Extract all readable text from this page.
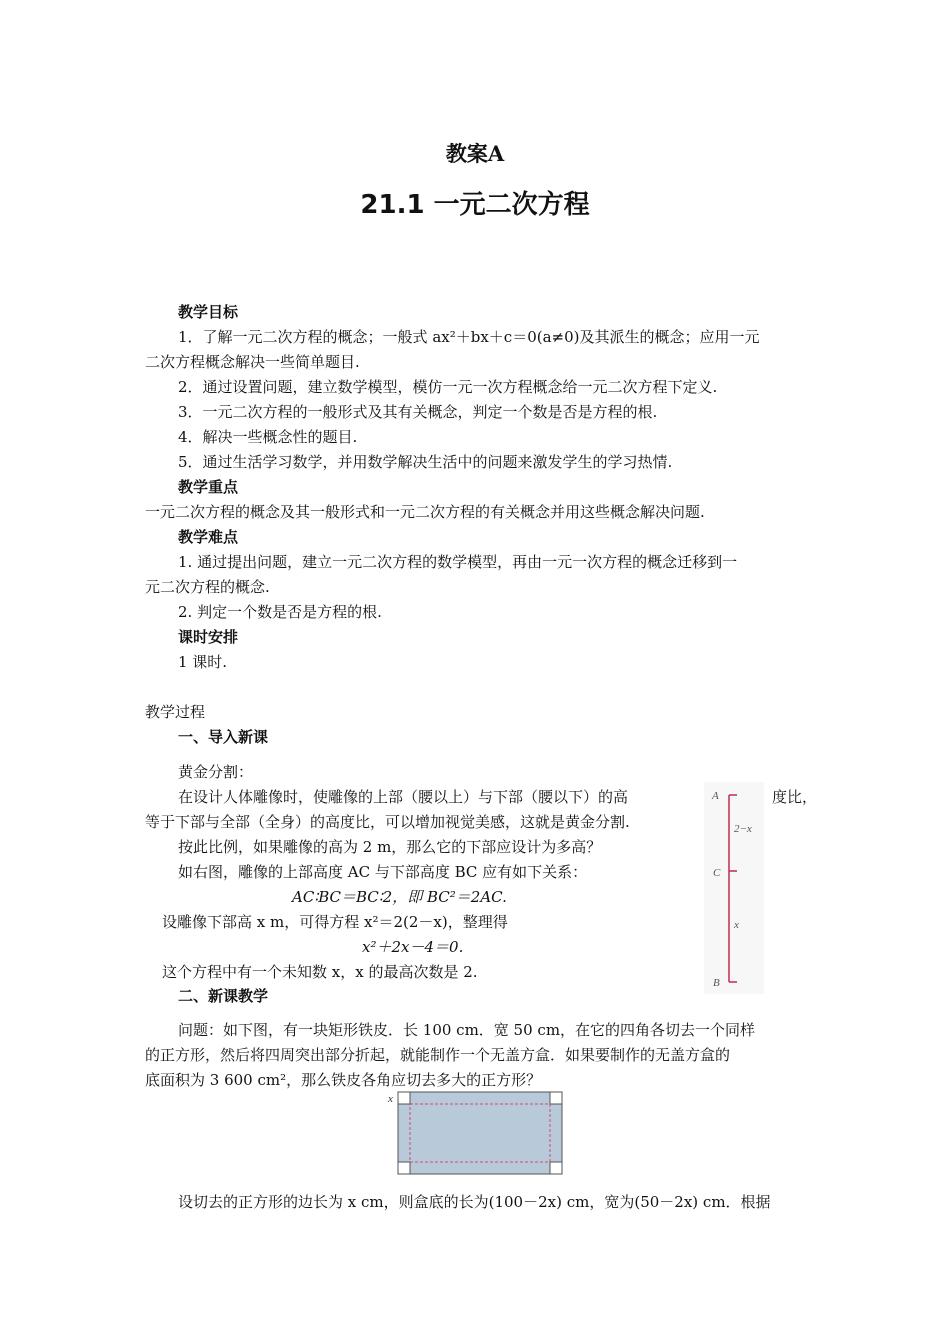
教案A
21.1 一元二次方程
教学目标
1．了解一元二次方程的概念；一般式 ax²＋bx＋c＝0(a≠0)及其派生的概念；应用一元
二次方程概念解决一些简单题目.
2．通过设置问题，建立数学模型，模仿一元一次方程概念给一元二次方程下定义.
3．一元二次方程的一般形式及其有关概念，判定一个数是否是方程的根.
4．解决一些概念性的题目.
5．通过生活学习数学，并用数学解决生活中的问题来激发学生的学习热情.
教学重点
一元二次方程的概念及其一般形式和一元二次方程的有关概念并用这些概念解决问题.
教学难点
1. 通过提出问题，建立一元二次方程的数学模型，再由一元一次方程的概念迁移到一
元二次方程的概念.
2. 判定一个数是否是方程的根.
课时安排
1 课时.
教学过程
一、导入新课
黄金分割：
在设计人体雕像时，使雕像的上部（腰以上）与下部（腰以下）的高	度比，
等于下部与全部（全身）的高度比，可以增加视觉美感，这就是黄金分割.
按此比例，如果雕像的高为 2 m，那么它的下部应设计为多高？
如右图，雕像的上部高度 AC 与下部高度 BC 应有如下关系：
AC∶BC＝BC∶2，即 BC²＝2AC.
设雕像下部高 x m，可得方程 x²＝2(2－x)，整理得
x²＋2x－4＝0.
这个方程中有一个未知数 x，x 的最高次数是 2.
A
2−x
C
x
B
二、新课教学
问题：如下图，有一块矩形铁皮．长 100 cm．宽 50 cm，在它的四角各切去一个同样
的正方形，然后将四周突出部分折起，就能制作一个无盖方盒．如果要制作的无盖方盒的
底面积为 3 600 cm²，那么铁皮各角应切去多大的正方形？
x
设切去的正方形的边长为 x cm，则盒底的长为(100－2x) cm，宽为(50－2x) cm．根据
